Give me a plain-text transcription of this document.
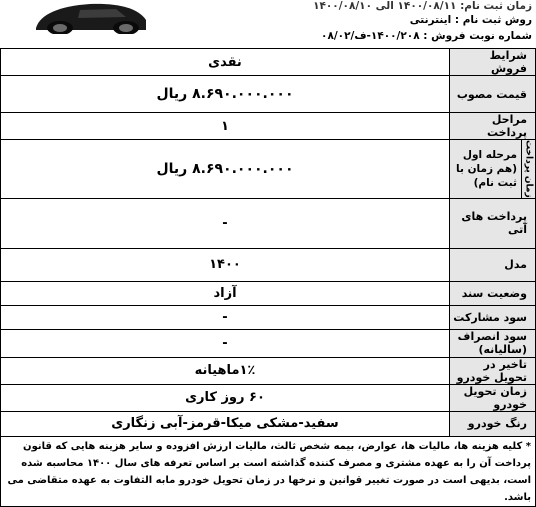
زمان ثبت نام: ۱۴۰۰/۰۸/۱۱ الی ۱۴۰۰/۰۸/۱۰
روش ثبت نام : اینترنتی
شماره نوبت فروش : ۱۴۰۰/۲۰۸-ف/۰۸/۰۲
شرایط فروش		نقدی
قیمت مصوب		۸.۶۹۰.۰۰۰.۰۰۰ ریال
مراحل پرداخت		۱

زمان پرداخت	مرحله اول (هم زمان با ثبت نام)	۸.۶۹۰.۰۰۰.۰۰۰ ریال
پرداخت های آتی		-
مدل		۱۴۰۰
وضعیت سند		آزاد
سود مشارکت		-
سود انصراف (سالیانه)		-
تاخیر در تحویل خودرو		۱٪ماهیانه
زمان تحویل خودرو		۶۰ روز کاری
رنگ خودرو		سفید-مشکی میکا-قرمز-آبی زنگاری
* کلیه هزینه ها، مالیات ها، عوارض، بیمه شخص ثالث، مالیات ارزش افزوده و سایر هزینه هایی که قانون پرداخت آن را به عهده مشتری و مصرف کننده گذاشته است بر اساس تعرفه های سال ۱۴۰۰ محاسبه شده است، بدیهی است در صورت تغییر قوانین و نرخها در زمان تحویل خودرو مابه التفاوت به عهده متقاضی می باشد.		
